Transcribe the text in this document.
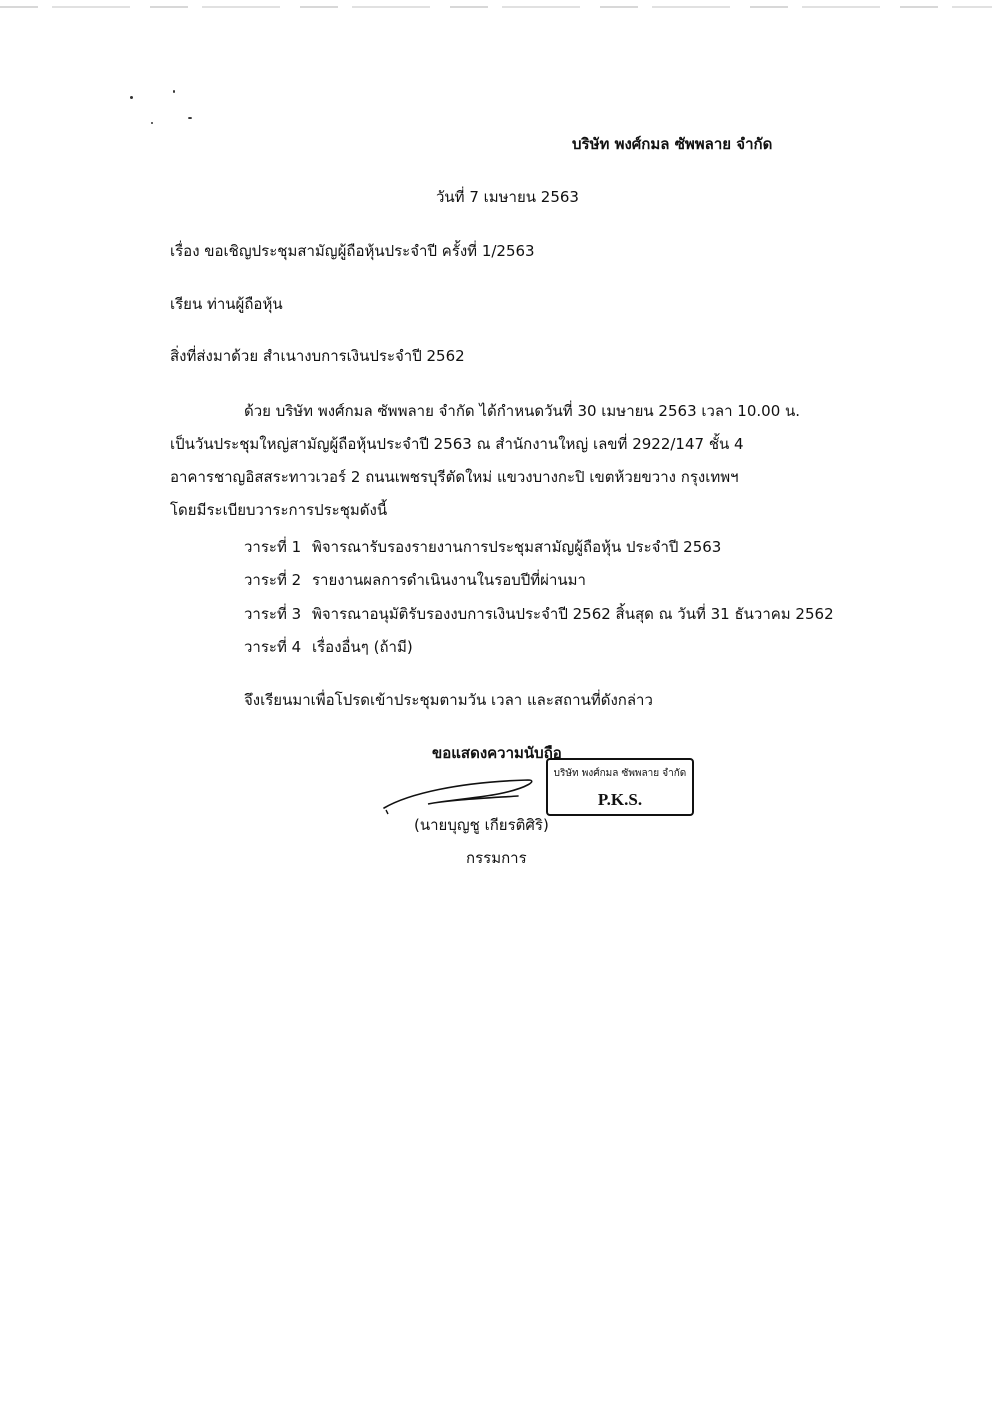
บริษัท พงศ์กมล ซัพพลาย จำกัด
วันที่ 7 เมษายน 2563
เรื่อง ขอเชิญประชุมสามัญผู้ถือหุ้นประจำปี ครั้งที่ 1/2563
เรียน ท่านผู้ถือหุ้น
สิ่งที่ส่งมาด้วย สำเนางบการเงินประจำปี 2562
ด้วย บริษัท พงศ์กมล ซัพพลาย จำกัด ได้กำหนดวันที่ 30 เมษายน 2563 เวลา 10.00 น.
เป็นวันประชุมใหญ่สามัญผู้ถือหุ้นประจำปี 2563 ณ สำนักงานใหญ่ เลขที่ 2922/147 ชั้น 4
อาคารชาญอิสสระทาวเวอร์ 2 ถนนเพชรบุรีตัดใหม่ แขวงบางกะปิ เขตห้วยขวาง กรุงเทพฯ
โดยมีระเบียบวาระการประชุมดังนี้
วาระที่ 1 พิจารณารับรองรายงานการประชุมสามัญผู้ถือหุ้น ประจำปี 2563
วาระที่ 2 รายงานผลการดำเนินงานในรอบปีที่ผ่านมา
วาระที่ 3 พิจารณาอนุมัติรับรองงบการเงินประจำปี 2562 สิ้นสุด ณ วันที่ 31 ธันวาคม 2562
วาระที่ 4 เรื่องอื่นๆ (ถ้ามี)
จึงเรียนมาเพื่อโปรดเข้าประชุมตามวัน เวลา และสถานที่ดังกล่าว
ขอแสดงความนับถือ
บริษัท พงศ์กมล ซัพพลาย จำกัด
P.K.S.
(นายบุญชู เกียรติศิริ)
กรรมการ
